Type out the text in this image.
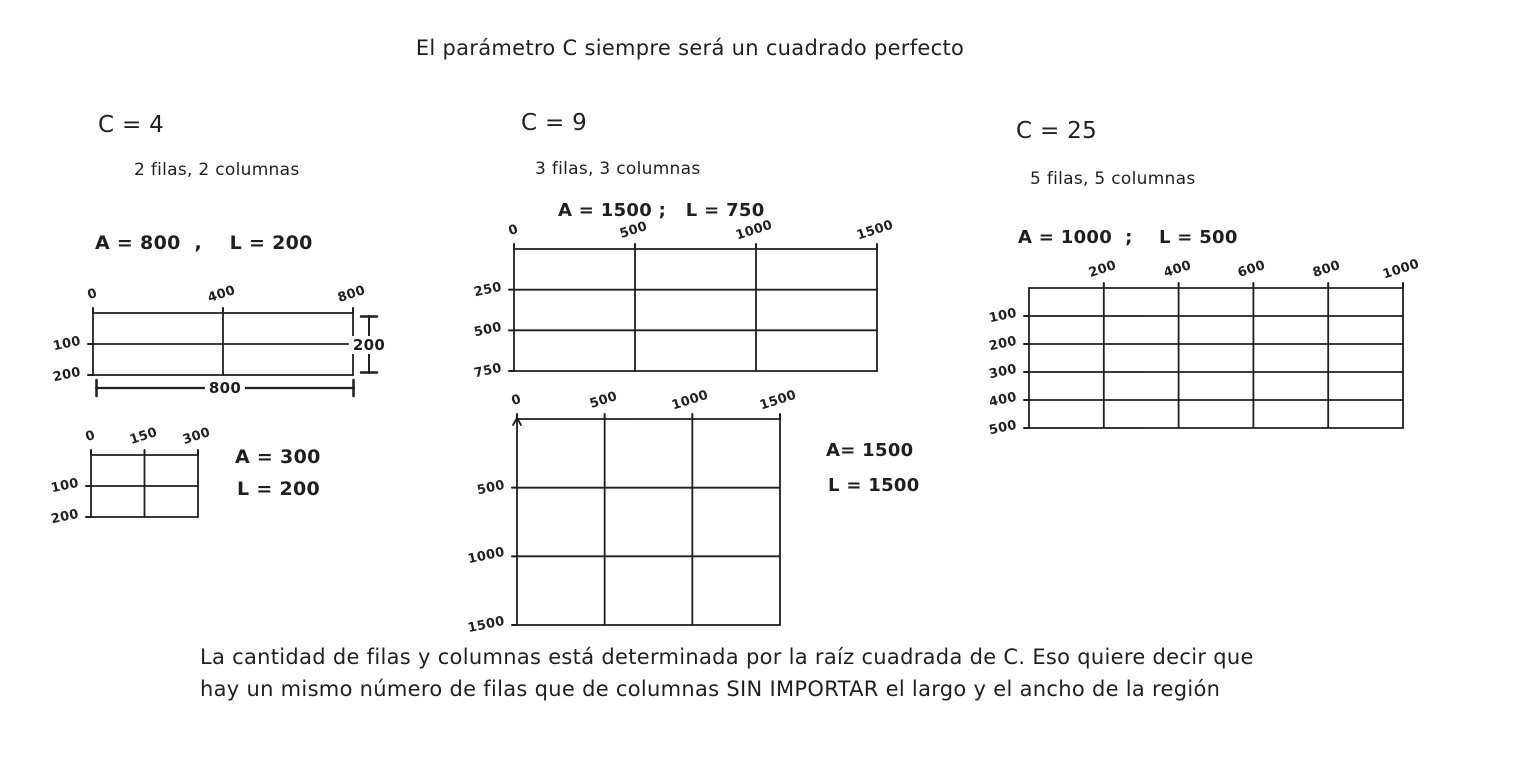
El parámetro C siempre será un cuadrado perfecto
C = 4
2 filas, 2 columnas
A = 800  ,    L = 200
C = 9
3 filas, 3 columnas
A = 1500 ;   L = 750
C = 25
5 filas, 5 columnas
A = 1000  ;    L = 500
La cantidad de filas y columnas está determinada por la raíz cuadrada de C. Eso quiere decir que
hay un mismo número de filas que de columnas SIN IMPORTAR el largo y el ancho de la región
0	400	800
100
200
0 150 300
100
200
A = 300
L = 200
200
800
0	500	1000	1500
250
500
750
0	500	1000	1500
500
1000
1500
A= 1500
L = 1500
200	400	600	800	1000
100
200
300
400
500
